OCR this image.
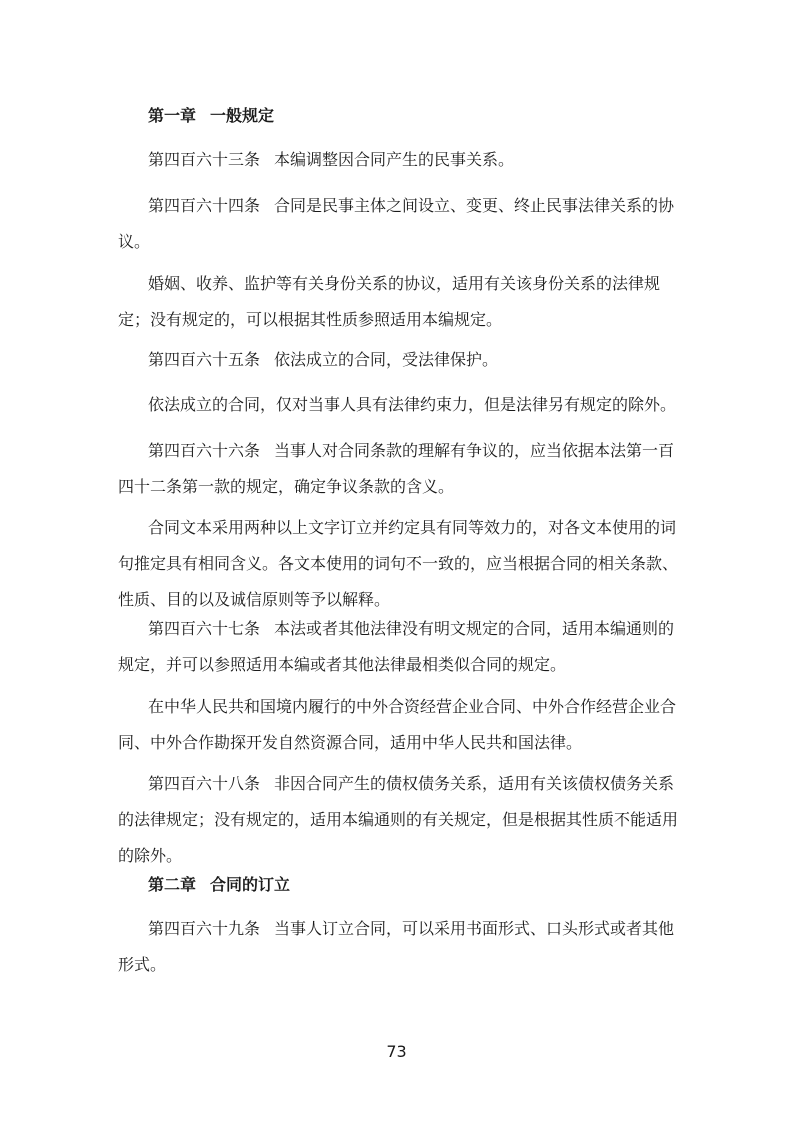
第一章 一般规定
第四百六十三条 本编调整因合同产生的民事关系。
第四百六十四条 合同是民事主体之间设立、变更、终止民事法律关系的协议。
婚姻、收养、监护等有关身份关系的协议，适用有关该身份关系的法律规定；没有规定的，可以根据其性质参照适用本编规定。
第四百六十五条 依法成立的合同，受法律保护。
依法成立的合同，仅对当事人具有法律约束力，但是法律另有规定的除外。
第四百六十六条 当事人对合同条款的理解有争议的，应当依据本法第一百四十二条第一款的规定，确定争议条款的含义。
合同文本采用两种以上文字订立并约定具有同等效力的，对各文本使用的词句推定具有相同含义。各文本使用的词句不一致的，应当根据合同的相关条款、性质、目的以及诚信原则等予以解释。
第四百六十七条 本法或者其他法律没有明文规定的合同，适用本编通则的规定，并可以参照适用本编或者其他法律最相类似合同的规定。
在中华人民共和国境内履行的中外合资经营企业合同、中外合作经营企业合同、中外合作勘探开发自然资源合同，适用中华人民共和国法律。
第四百六十八条 非因合同产生的债权债务关系，适用有关该债权债务关系的法律规定；没有规定的，适用本编通则的有关规定，但是根据其性质不能适用的除外。
第二章 合同的订立
第四百六十九条 当事人订立合同，可以采用书面形式、口头形式或者其他形式。
73
